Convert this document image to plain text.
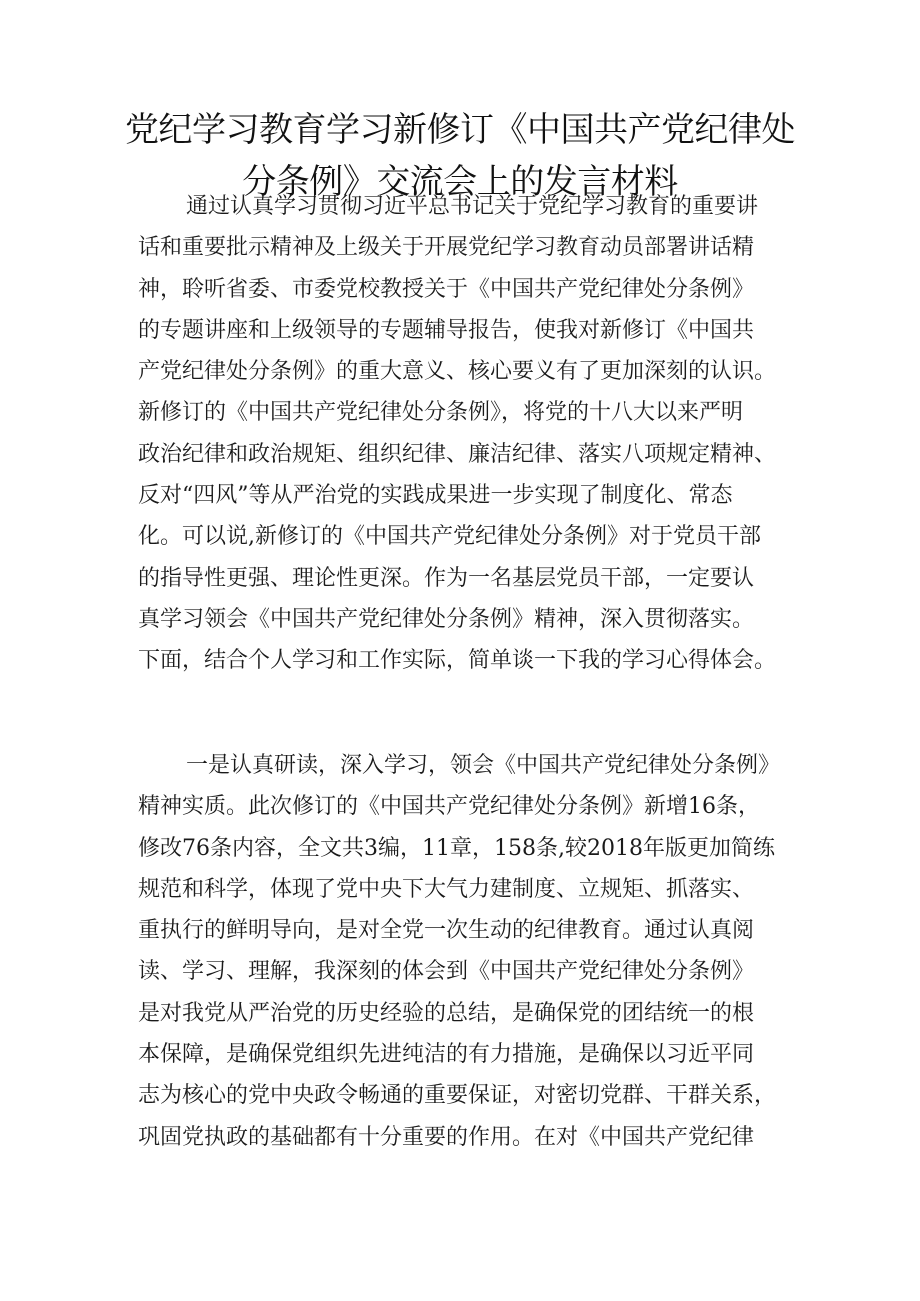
党纪学习教育学习新修订《中国共产党纪律处
分条例》交流会上的发言材料
通过认真学习贯彻习近平总书记关于党纪学习教育的重要讲
话和重要批示精神及上级关于开展党纪学习教育动员部署讲话精
神，聆听省委、市委党校教授关于《中国共产党纪律处分条例》
的专题讲座和上级领导的专题辅导报告，使我对新修订《中国共
产党纪律处分条例》的重大意义、核心要义有了更加深刻的认识。
新修订的《中国共产党纪律处分条例》，将党的十八大以来严明
政治纪律和政治规矩、组织纪律、廉洁纪律、落实八项规定精神、
反对“四风”等从严治党的实践成果进一步实现了制度化、常态
化。可以说,新修订的《中国共产党纪律处分条例》对于党员干部
的指导性更强、理论性更深。作为一名基层党员干部，一定要认
真学习领会《中国共产党纪律处分条例》精神，深入贯彻落实。
下面，结合个人学习和工作实际，简单谈一下我的学习心得体会。
一是认真研读，深入学习，领会《中国共产党纪律处分条例》
精神实质。此次修订的《中国共产党纪律处分条例》新增16条，
修改76条内容，全文共3编，11章，158条,较2018年版更加简练
规范和科学，体现了党中央下大气力建制度、立规矩、抓落实、
重执行的鲜明导向，是对全党一次生动的纪律教育。通过认真阅
读、学习、理解，我深刻的体会到《中国共产党纪律处分条例》
是对我党从严治党的历史经验的总结，是确保党的团结统一的根
本保障，是确保党组织先进纯洁的有力措施，是确保以习近平同
志为核心的党中央政令畅通的重要保证，对密切党群、干群关系，
巩固党执政的基础都有十分重要的作用。在对《中国共产党纪律
